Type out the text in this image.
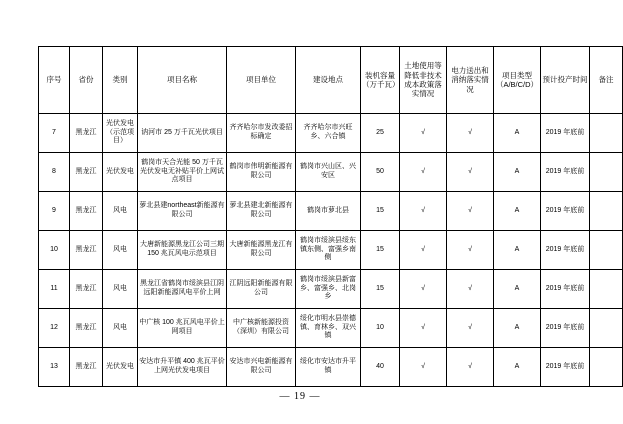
序号	省份	类别	项目名称	项目单位	建设地点	装机容量（万千瓦）	土地使用等降低非技术成本政策落实情况	电力送出和消纳落实情况	项目类型（A/B/C/D）	预计投产时间	备注
7	黑龙江	光伏发电（示范项目）	讷河市 25 万千瓦光伏项目	齐齐哈尔市发改委招标确定	齐齐哈尔市兴旺乡、六合镇	25	√	√	A	2019 年底前	
8	黑龙江	光伏发电	鹤岗市天合光能 50 万千瓦光伏发电无补贴平价上网试点项目	鹤岗市伟明新能源有限公司	鹤岗市兴山区、兴安区	50	√	√	A	2019 年底前	
9	黑龙江	风电	萝北县建northeast新能源有限公司	萝北县建北新能源有限公司	鹤岗市萝北县	15	√	√	A	2019 年底前	
10	黑龙江	风电	大唐新能源黑龙江公司三期 150 兆瓦风电示范项目	大唐新能源黑龙江有限公司	鹤岗市绥滨县绥东镇东侧、富强乡南侧	15	√	√	A	2019 年底前	
11	黑龙江	风电	黑龙江省鹤岗市绥滨县江阴远阳新能源风电平价上网	江阴远阳新能源有限公司	鹤岗市绥滨县新富乡、富强乡、北岗乡	15	√	√	A	2019 年底前	
12	黑龙江	风电	中广核 100 兆瓦风电平价上网项目	中广核新能源投资（深圳）有限公司	绥化市明水县崇德镇、育林乡、双兴镇	10	√	√	A	2019 年底前	
13	黑龙江	光伏发电	安达市升平镇 400 兆瓦平价上网光伏发电项目	安达市兴电新能源有限公司	绥化市安达市升平镇	40	√	√	A	2019 年底前	
— 19 —
